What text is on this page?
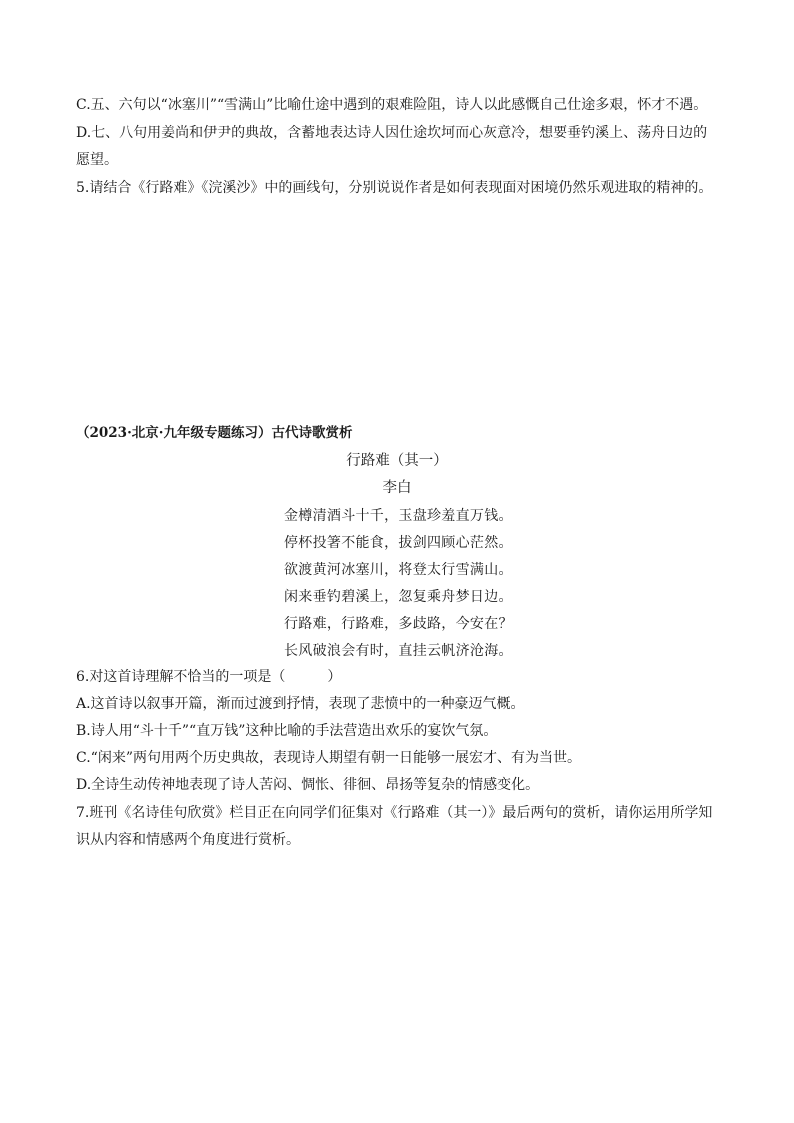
C.五、六句以“冰塞川”“雪满山”比喻仕途中遇到的艰难险阻，诗人以此感慨自己仕途多艰，怀才不遇。
D.七、八句用姜尚和伊尹的典故，含蓄地表达诗人因仕途坎坷而心灰意冷，想要垂钓溪上、荡舟日边的愿望。
5.请结合《行路难》《浣溪沙》中的画线句，分别说说作者是如何表现面对困境仍然乐观进取的精神的。
（2023·北京·九年级专题练习）古代诗歌赏析
行路难（其一）
李白
金樽清酒斗十千，玉盘珍羞直万钱。
停杯投箸不能食，拔剑四顾心茫然。
欲渡黄河冰塞川，将登太行雪满山。
闲来垂钓碧溪上，忽复乘舟梦日边。
行路难，行路难，多歧路，今安在？
长风破浪会有时，直挂云帆济沧海。
6.对这首诗理解不恰当的一项是（　　　）
A.这首诗以叙事开篇，渐而过渡到抒情，表现了悲愤中的一种豪迈气概。
B.诗人用“斗十千”“直万钱”这种比喻的手法营造出欢乐的宴饮气氛。
C.“闲来”两句用两个历史典故，表现诗人期望有朝一日能够一展宏才、有为当世。
D.全诗生动传神地表现了诗人苦闷、惆怅、徘徊、昂扬等复杂的情感变化。
7.班刊《名诗佳句欣赏》栏目正在向同学们征集对《行路难（其一）》最后两句的赏析，请你运用所学知识从内容和情感两个角度进行赏析。
